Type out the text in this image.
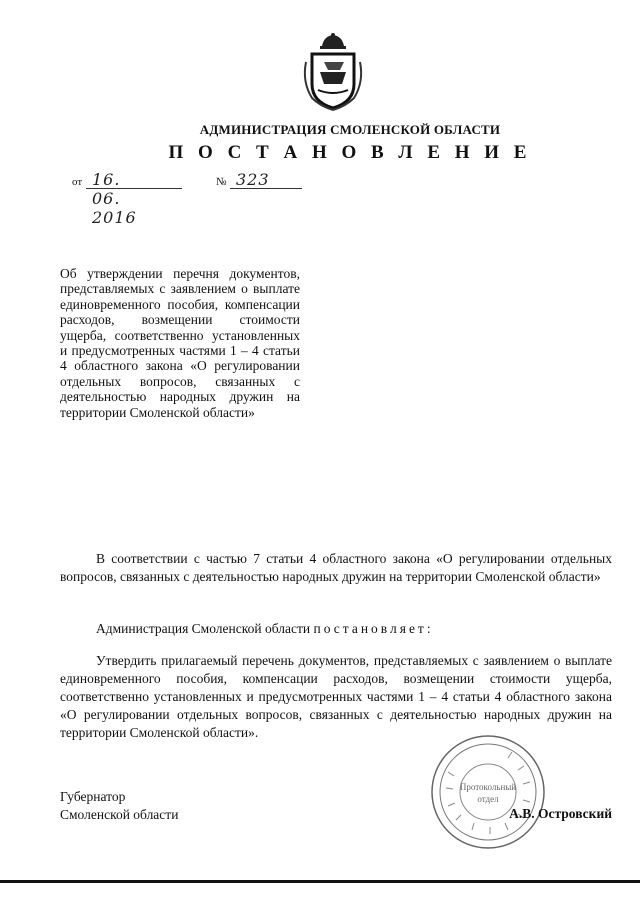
АДМИНИСТРАЦИЯ СМОЛЕНСКОЙ ОБЛАСТИ
П О С Т А Н О В Л Е Н И Е
от 16. 06. 2016
№ 323
Об утверждении перечня документов, представляемых с заявлением о выплате единовременного пособия, компенсации расходов, возмещении стоимости ущерба, соответственно установленных и предусмотренных частями 1 – 4 статьи 4 областного закона «О регулировании отдельных вопросов, связанных с деятельностью народных дружин на территории Смоленской области»
В соответствии с частью 7 статьи 4 областного закона «О регулировании отдельных вопросов, связанных с деятельностью народных дружин на территории Смоленской области»
Администрация Смоленской области постановляет:
Утвердить прилагаемый перечень документов, представляемых с заявлением о выплате единовременного пособия, компенсации расходов, возмещении стоимости ущерба, соответственно установленных и предусмотренных частями 1 – 4 статьи 4 областного закона «О регулировании отдельных вопросов, связанных с деятельностью народных дружин на территории Смоленской области».
Губернатор
Смоленской области
Протокольный
отдел
А.В. Островский
